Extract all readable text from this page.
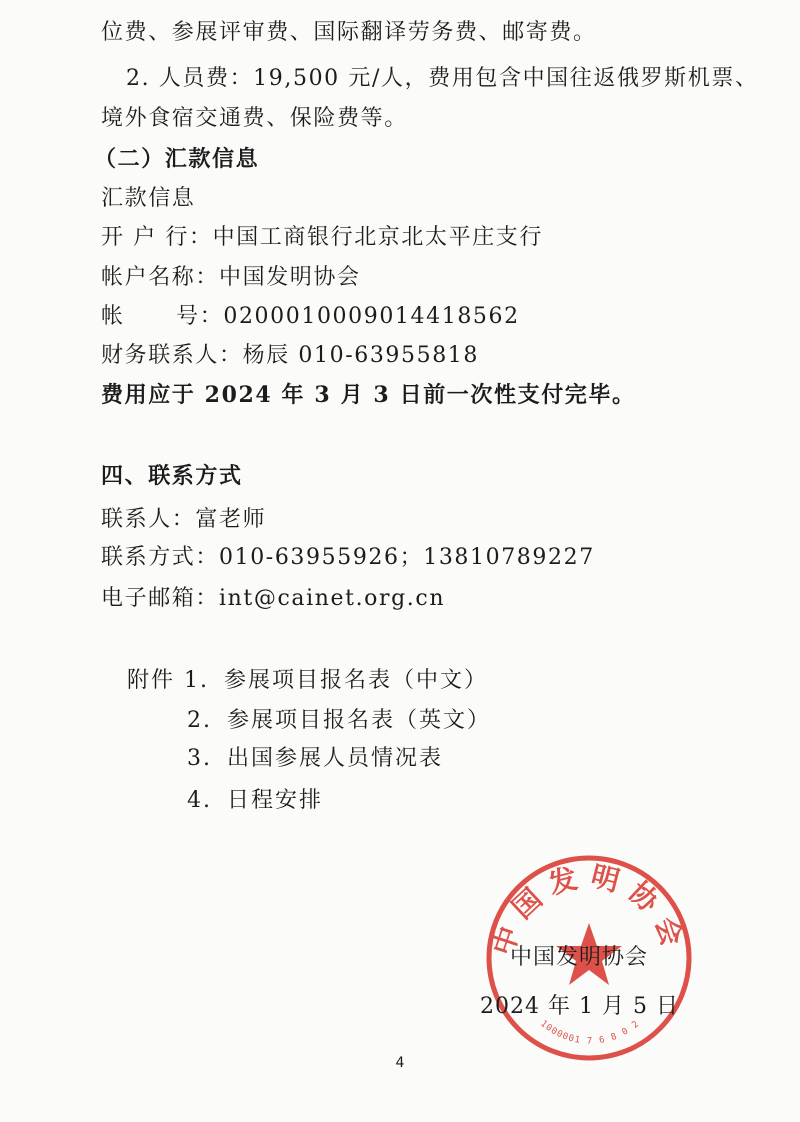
位费、参展评审费、国际翻译劳务费、邮寄费。
2. 人员费：19,500 元/人，费用包含中国往返俄罗斯机票、
境外食宿交通费、保险费等。
（二）汇款信息
汇款信息
开 户 行：中国工商银行北京北太平庄支行
帐户名称：中国发明协会
帐      号：0200010009014418562
财务联系人：杨辰 010-63955818
费用应于 2024 年 3 月 3 日前一次性支付完毕。
四、联系方式
联系人：富老师
联系方式：010-63955926；13810789227
电子邮箱：int@cainet.org.cn
附件 1. 参展项目报名表（中文）
2. 参展项目报名表（英文）
3. 出国参展人员情况表
4. 日程安排
中国发明协会
1000001 7 6 8 0 2
中国发明协会
2024 年 1 月 5 日
4
